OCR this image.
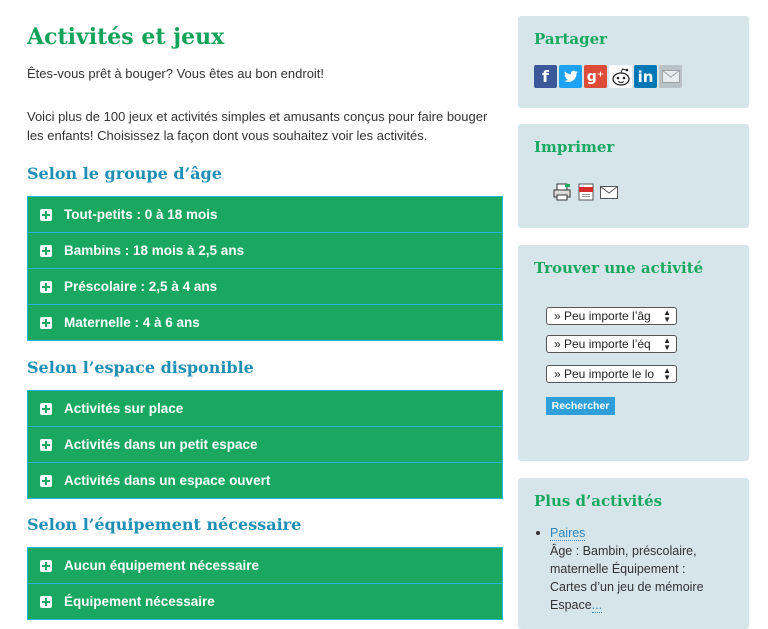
Activités et jeux

Êtes-vous prêt à bouger? Vous êtes au bon endroit!

Voici plus de 100 jeux et activités simples et amusants conçus pour faire bouger les enfants! Choisissez la façon dont vous souhaitez voir les activités.

Selon le groupe d’âge
Tout-petits : 0 à 18 mois
Bambins : 18 mois à 2,5 ans
Préscolaire : 2,5 à 4 ans
Maternelle : 4 à 6 ans
Selon l’espace disponible
Activités sur place
Activités dans un petit espace
Activités dans un espace ouvert
Selon l’équipement nécessaire
Aucun équipement nécessaire
Équipement nécessaire
Partager
f	g⁺ in
Imprimer
Trouver une activité
» Peu importe l’âg ▲
▼
» Peu importe l’éq ▲
▼
» Peu importe le lo ▲
▼
Rechercher
Plus d’activités
Paires
Âge : Bambin, préscolaire, maternelle Équipement : Cartes d’un jeu de mémoire
Espace...
